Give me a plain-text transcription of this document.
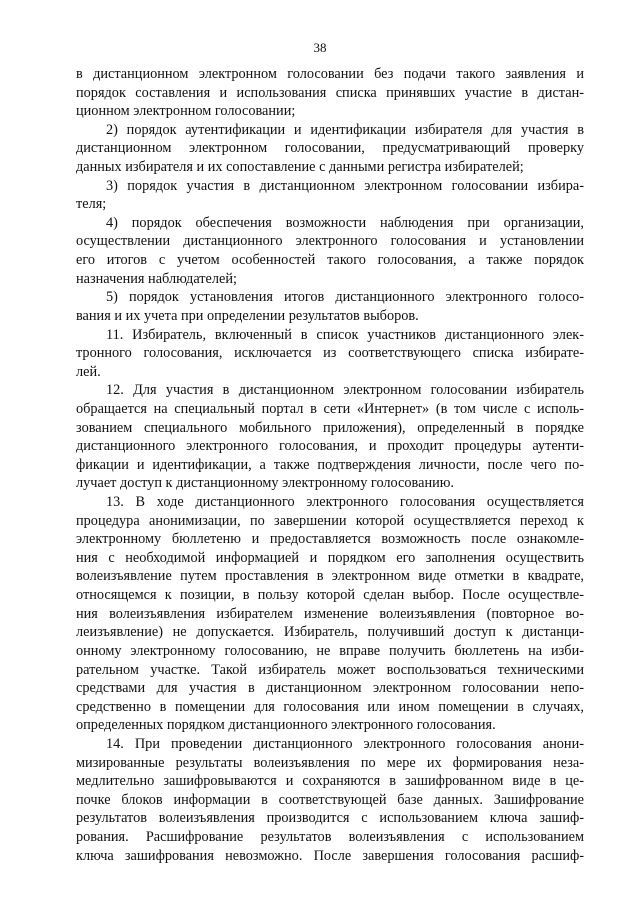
38
в дистанционном электронном голосовании без подачи такого заявления и
порядок составления и использования списка принявших участие в дистан-
ционном электронном голосовании;
2) порядок аутентификации и идентификации избирателя для участия в
дистанционном электронном голосовании, предусматривающий проверку
данных избирателя и их сопоставление с данными регистра избирателей;
3) порядок участия в дистанционном электронном голосовании избира-
теля;
4) порядок обеспечения возможности наблюдения при организации,
осуществлении дистанционного электронного голосования и установлении
его итогов с учетом особенностей такого голосования, а также порядок
назначения наблюдателей;
5) порядок установления итогов дистанционного электронного голосо-
вания и их учета при определении результатов выборов.
11. Избиратель, включенный в список участников дистанционного элек-
тронного голосования, исключается из соответствующего списка избирате-
лей.
12. Для участия в дистанционном электронном голосовании избиратель
обращается на специальный портал в сети «Интернет» (в том числе с исполь-
зованием специального мобильного приложения), определенный в порядке
дистанционного электронного голосования, и проходит процедуры аутенти-
фикации и идентификации, а также подтверждения личности, после чего по-
лучает доступ к дистанционному электронному голосованию.
13. В ходе дистанционного электронного голосования осуществляется
процедура анонимизации, по завершении которой осуществляется переход к
электронному бюллетеню и предоставляется возможность после ознакомле-
ния с необходимой информацией и порядком его заполнения осуществить
волеизъявление путем проставления в электронном виде отметки в квадрате,
относящемся к позиции, в пользу которой сделан выбор. После осуществле-
ния волеизъявления избирателем изменение волеизъявления (повторное во-
леизъявление) не допускается. Избиратель, получивший доступ к дистанци-
онному электронному голосованию, не вправе получить бюллетень на изби-
рательном участке. Такой избиратель может воспользоваться техническими
средствами для участия в дистанционном электронном голосовании непо-
средственно в помещении для голосования или ином помещении в случаях,
определенных порядком дистанционного электронного голосования.
14. При проведении дистанционного электронного голосования анони-
мизированные результаты волеизъявления по мере их формирования неза-
медлительно зашифровываются и сохраняются в зашифрованном виде в це-
почке блоков информации в соответствующей базе данных. Зашифрование
результатов волеизъявления производится с использованием ключа зашиф-
рования. Расшифрование результатов волеизъявления с использованием
ключа зашифрования невозможно. После завершения голосования расшиф-
